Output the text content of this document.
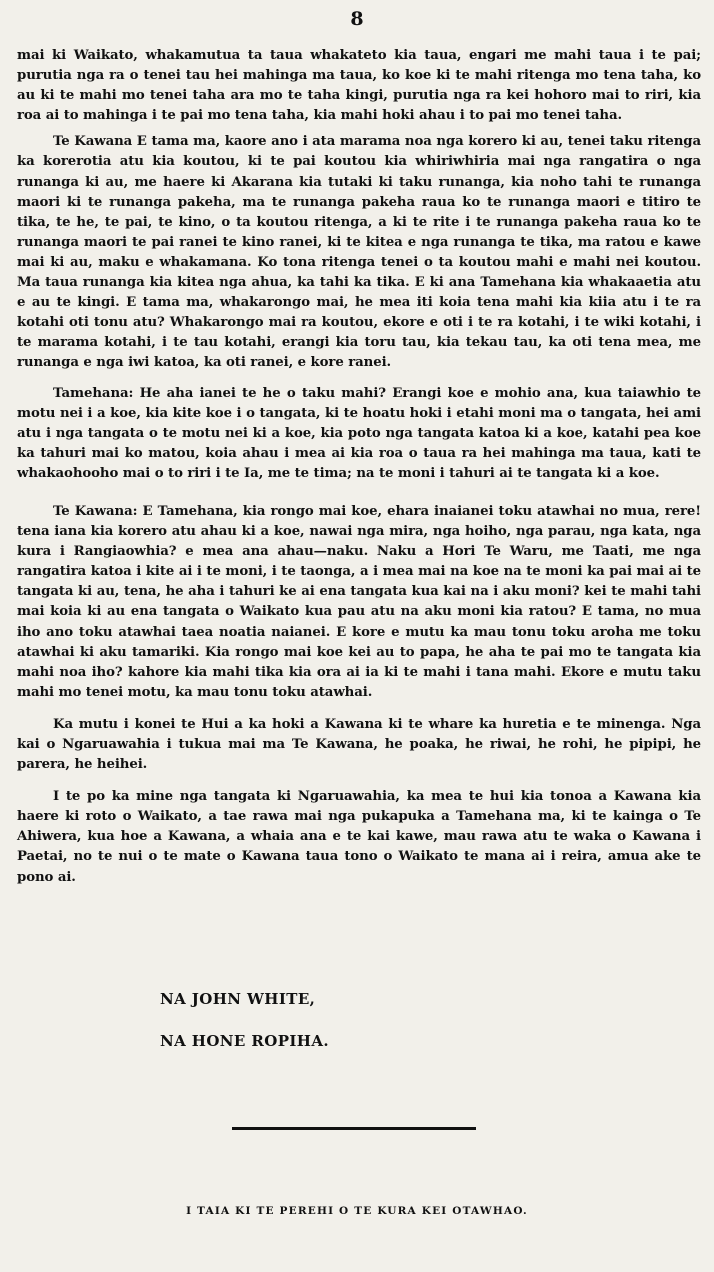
8

mai ki Waikato, whakamutua ta taua whakateto kia taua, engari me mahi taua i te pai; purutia nga ra o tenei tau hei mahinga ma taua, ko koe ki te mahi ritenga mo tena taha, ko au ki te mahi mo tenei taha ara mo te taha kingi, purutia nga ra kei hohoro mai to riri, kia roa ai to mahinga i te pai mo tena taha, kia mahi hoki ahau i to pai mo tenei taha.

Te Kawana E tama ma, kaore ano i ata marama noa nga korero ki au, tenei taku ritenga ka korerotia atu kia koutou, ki te pai koutou kia whiriwhiria mai nga rangatira o nga runanga ki au, me haere ki Akarana kia tutaki ki taku runanga, kia noho tahi te runanga maori ki te runanga pakeha, ma te runanga pakeha raua ko te runanga maori e titiro te tika, te he, te pai, te kino, o ta koutou ritenga, a ki te rite i te runanga pakeha raua ko te runanga maori te pai ranei te kino ranei, ki te kitea e nga runanga te tika, ma ratou e kawe mai ki au, maku e whakamana. Ko tona ritenga tenei o ta koutou mahi e mahi nei koutou. Ma taua runanga kia kitea nga ahua, ka tahi ka tika. E ki ana Tamehana kia whakaaetia atu e au te kingi. E tama ma, whakarongo mai, he mea iti koia tena mahi kia kiia atu i te ra kotahi oti tonu atu? Whakarongo mai ra koutou, ekore e oti i te ra kotahi, i te wiki kotahi, i te marama kotahi, i te tau kotahi, erangi kia toru tau, kia tekau tau, ka oti tena mea, me runanga e nga iwi katoa, ka oti ranei, e kore ranei.

Tamehana: He aha ianei te he o taku mahi? Erangi koe e mohio ana, kua taiawhio te motu nei i a koe, kia kite koe i o tangata, ki te hoatu hoki i etahi moni ma o tangata, hei ami atu i nga tangata o te motu nei ki a koe, kia poto nga tangata katoa ki a koe, katahi pea koe ka tahuri mai ko matou, koia ahau i mea ai kia roa o taua ra hei mahinga ma taua, kati te whakaohooho mai o to riri i te Ia, me te tima; na te moni i tahuri ai te tangata ki a koe.

Te Kawana: E Tamehana, kia rongo mai koe, ehara inaianei toku atawhai no mua, rere! tena iana kia korero atu ahau ki a koe, nawai nga mira, nga hoiho, nga parau, nga kata, nga kura i Rangiaowhia? e mea ana ahau—naku. Naku a Hori Te Waru, me Taati, me nga rangatira katoa i kite ai i te moni, i te taonga, a i mea mai na koe na te moni ka pai mai ai te tangata ki au, tena, he aha i tahuri ke ai ena tangata kua kai na i aku moni? kei te mahi tahi mai koia ki au ena tangata o Waikato kua pau atu na aku moni kia ratou? E tama, no mua iho ano toku atawhai taea noatia naianei. E kore e mutu ka mau tonu toku aroha me toku atawhai ki aku tamariki. Kia rongo mai koe kei au to papa, he aha te pai mo te tangata kia mahi noa iho? kahore kia mahi tika kia ora ai ia ki te mahi i tana mahi. Ekore e mutu taku mahi mo tenei motu, ka mau tonu toku atawhai.

Ka mutu i konei te Hui a ka hoki a Kawana ki te whare ka huretia e te minenga. Nga kai o Ngaruawahia i tukua mai ma Te Kawana, he poaka, he riwai, he rohi, he pipipi, he parera, he heihei.

I te po ka mine nga tangata ki Ngaruawahia, ka mea te hui kia tonoa a Kawana kia haere ki roto o Waikato, a tae rawa mai nga pukapuka a Tamehana ma, ki te kainga o Te Ahiwera, kua hoe a Kawana, a whaia ana e te kai kawe, mau rawa atu te waka o Kawana i Paetai, no te nui o te mate o Kawana taua tono o Waikato te mana ai i reira, amua ake te pono ai.

NA JOHN WHITE,
NA HONE ROPIHA.
I TAIA KI TE PEREHI O TE KURA KEI OTAWHAO.
